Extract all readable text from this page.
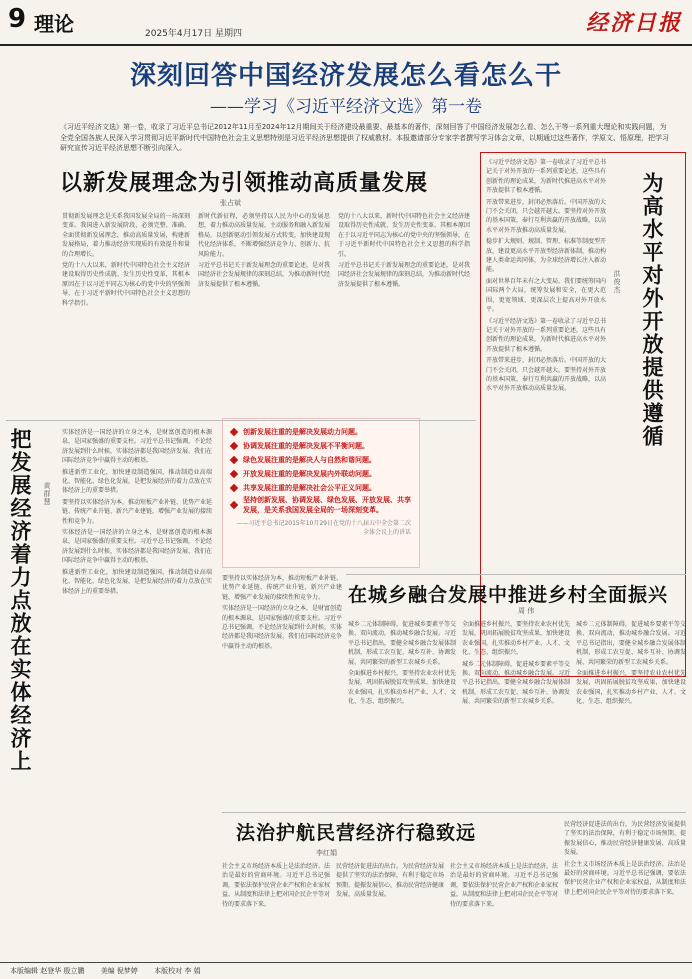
9 理论	2025年4月17日 星期四	经济日报
深刻回答中国经济发展怎么看怎么干
——学习《习近平经济文选》第一卷
《习近平经济文选》第一卷，收录了习近平总书记2012年11月至2024年12月期间关于经济建设最重要、最基本的著作，深刻回答了中国经济发展怎么看、怎么干等一系列重大理论和实践问题，为全党全国各族人民深入学习贯彻习近平新时代中国特色社会主义思想特别是习近平经济思想提供了权威教材。本报邀请部分专家学者撰写学习体会文章，以期通过这些著作，学原文、悟原理，把学习研究宣传习近平经济思想不断引向深入。
以新发展理念为引领推动高质量发展
张占斌
贯彻新发展理念是关系我国发展全局的一场深刻变革。我国进入新发展阶段，必须完整、准确、全面贯彻新发展理念，推动高质量发展，构建新发展格局，着力推动经济实现质的有效提升和量的合理增长。
党的十八大以来，新时代中国特色社会主义经济建设取得历史性成就、发生历史性变革，其根本原因在于以习近平同志为核心的党中央的坚强领导，在于习近平新时代中国特色社会主义思想的科学指引。
新时代新征程，必须坚持以人民为中心的发展思想，着力推动高质量发展，主动服务和融入新发展格局，以创新驱动引领发展方式转变，加快建设现代化经济体系，不断增强经济竞争力、创新力、抗风险能力。
习近平总书记关于新发展理念的重要论述，是对我国经济社会发展规律的深刻总结，为推动新时代经济发展提供了根本遵循。
党的十八大以来，新时代中国特色社会主义经济建设取得历史性成就、发生历史性变革，其根本原因在于以习近平同志为核心的党中央的坚强领导，在于习近平新时代中国特色社会主义思想的科学指引。
习近平总书记关于新发展理念的重要论述，是对我国经济社会发展规律的深刻总结，为推动新时代经济发展提供了根本遵循。
创新发展注重的是解决发展动力问题。
协调发展注重的是解决发展不平衡问题。
绿色发展注重的是解决人与自然和谐问题。
开放发展注重的是解决发展内外联动问题。
共享发展注重的是解决社会公平正义问题。
坚持创新发展、协调发展、绿色发展、开放发展、共享发展，是关系我国发展全局的一场深刻变革。
——习近平总书记2015年10月29日在党的十八届五中全会第二次全体会议上的讲话
为高水平对外开放提供遵循
洪俊杰
《习近平经济文选》第一卷收录了习近平总书记关于对外开放的一系列重要论述，这些具有创新性的理论成果，为新时代推进高水平对外开放提供了根本遵循。
开放带来进步，封闭必然落后。中国开放的大门不会关闭，只会越开越大。要坚持对外开放的基本国策，奉行互利共赢的开放战略，以高水平对外开放推动高质量发展。
稳步扩大规则、规制、管理、标准等制度型开放，建设更高水平开放型经济新体制，推动构建人类命运共同体，为全球经济增长注入新动能。
面对世界百年未有之大变局，我们要统筹国内国际两个大局，统筹发展和安全，在更大范围、更宽领域、更深层次上提高对外开放水平。
《习近平经济文选》第一卷收录了习近平总书记关于对外开放的一系列重要论述，这些具有创新性的理论成果，为新时代推进高水平对外开放提供了根本遵循。
开放带来进步，封闭必然落后。中国开放的大门不会关闭，只会越开越大。要坚持对外开放的基本国策，奉行互利共赢的开放战略，以高水平对外开放推动高质量发展。
把发展经济着力点放在实体经济上 黄群慧
实体经济是一国经济的立身之本，是财富创造的根本源泉，是国家强盛的重要支柱。习近平总书记强调，不论经济发展到什么时候，实体经济都是我国经济发展、我们在国际经济竞争中赢得主动的根基。
推进新型工业化，加快建设制造强国，推动制造业高端化、智能化、绿色化发展，是把发展经济的着力点放在实体经济上的重要举措。
要坚持以实体经济为本，推动短板产业补链、优势产业延链、传统产业升链、新兴产业建链，增强产业发展的接续性和竞争力。
实体经济是一国经济的立身之本，是财富创造的根本源泉，是国家强盛的重要支柱。习近平总书记强调，不论经济发展到什么时候，实体经济都是我国经济发展、我们在国际经济竞争中赢得主动的根基。
推进新型工业化，加快建设制造强国，推动制造业高端化、智能化、绿色化发展，是把发展经济的着力点放在实体经济上的重要举措。
要坚持以实体经济为本，推动短板产业补链、优势产业延链、传统产业升链、新兴产业建链，增强产业发展的接续性和竞争力。
实体经济是一国经济的立身之本，是财富创造的根本源泉，是国家强盛的重要支柱。习近平总书记强调，不论经济发展到什么时候，实体经济都是我国经济发展、我们在国际经济竞争中赢得主动的根基。
在城乡融合发展中推进乡村全面振兴
周 伟
城乡二元体制障碍，促进城乡要素平等交换、双向流动，推动城乡融合发展。习近平总书记指出，要健全城乡融合发展体制机制，形成工农互促、城乡互补、协调发展、共同繁荣的新型工农城乡关系。
全面推进乡村振兴，要坚持农业农村优先发展，巩固拓展脱贫攻坚成果，加快建设农业强国，扎实推动乡村产业、人才、文化、生态、组织振兴。
全面推进乡村振兴，要坚持农业农村优先发展，巩固拓展脱贫攻坚成果，加快建设农业强国，扎实推动乡村产业、人才、文化、生态、组织振兴。
城乡二元体制障碍，促进城乡要素平等交换、双向流动，推动城乡融合发展。习近平总书记指出，要健全城乡融合发展体制机制，形成工农互促、城乡互补、协调发展、共同繁荣的新型工农城乡关系。
城乡二元体制障碍，促进城乡要素平等交换、双向流动，推动城乡融合发展。习近平总书记指出，要健全城乡融合发展体制机制，形成工农互促、城乡互补、协调发展、共同繁荣的新型工农城乡关系。
全面推进乡村振兴，要坚持农业农村优先发展，巩固拓展脱贫攻坚成果，加快建设农业强国，扎实推动乡村产业、人才、文化、生态、组织振兴。
法治护航民营经济行稳致远
李红娟
社会主义市场经济本质上是法治经济。法治是最好的营商环境。习近平总书记强调，要依法保护民营企业产权和企业家权益，从制度和法律上把对国企民企平等对待的要求落下来。
民营经济促进法的出台，为民营经济发展提供了坚实的法治保障，有利于稳定市场预期、提振发展信心，推动民营经济健康发展、高质量发展。
社会主义市场经济本质上是法治经济。法治是最好的营商环境。习近平总书记强调，要依法保护民营企业产权和企业家权益，从制度和法律上把对国企民企平等对待的要求落下来。
民营经济促进法的出台，为民营经济发展提供了坚实的法治保障，有利于稳定市场预期、提振发展信心，推动民营经济健康发展、高质量发展。
社会主义市场经济本质上是法治经济。法治是最好的营商环境。习近平总书记强调，要依法保护民营企业产权和企业家权益，从制度和法律上把对国企民企平等对待的要求落下来。
本版编辑 赵登华 殷立鹏 美编 倪梦婷 本版校对 李 娟
